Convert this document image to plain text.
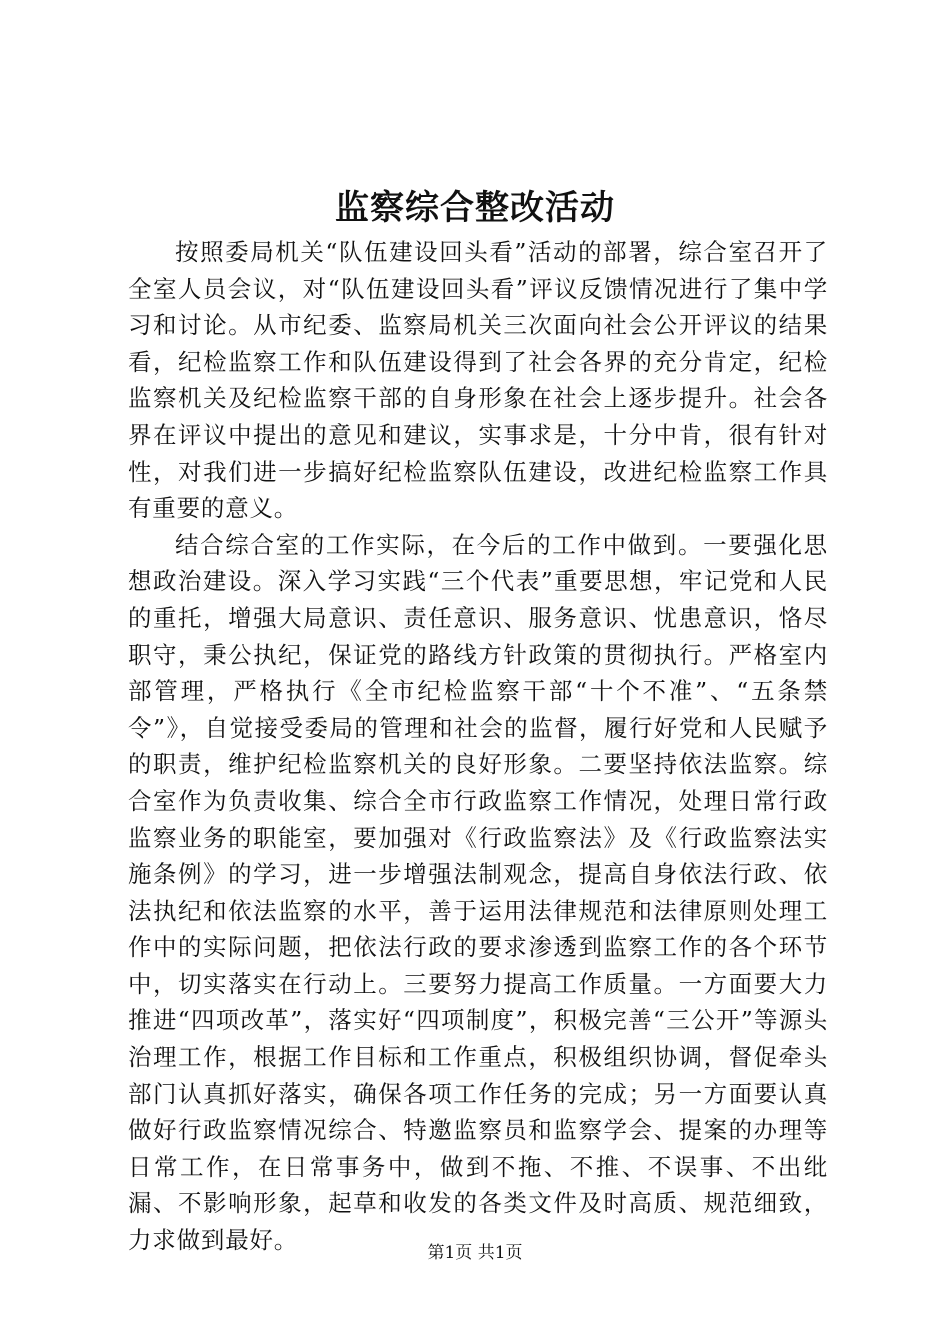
监察综合整改活动

按照委局机关“队伍建设回头看”活动的部署，综合室召开了全室人员会议，对“队伍建设回头看”评议反馈情况进行了集中学习和讨论。从市纪委、监察局机关三次面向社会公开评议的结果看，纪检监察工作和队伍建设得到了社会各界的充分肯定，纪检监察机关及纪检监察干部的自身形象在社会上逐步提升。社会各界在评议中提出的意见和建议，实事求是，十分中肯，很有针对性，对我们进一步搞好纪检监察队伍建设，改进纪检监察工作具有重要的意义。

结合综合室的工作实际，在今后的工作中做到。一要强化思想政治建设。深入学习实践“三个代表”重要思想，牢记党和人民的重托，增强大局意识、责任意识、服务意识、忧患意识，恪尽职守，秉公执纪，保证党的路线方针政策的贯彻执行。严格室内部管理，严格执行《全市纪检监察干部“十个不准”、“五条禁令”》，自觉接受委局的管理和社会的监督，履行好党和人民赋予的职责，维护纪检监察机关的良好形象。二要坚持依法监察。综合室作为负责收集、综合全市行政监察工作情况，处理日常行政监察业务的职能室，要加强对《行政监察法》及《行政监察法实施条例》的学习，进一步增强法制观念，提高自身依法行政、依法执纪和依法监察的水平，善于运用法律规范和法律原则处理工作中的实际问题，把依法行政的要求渗透到监察工作的各个环节中，切实落实在行动上。三要努力提高工作质量。一方面要大力推进“四项改革”，落实好“四项制度”，积极完善“三公开”等源头治理工作，根据工作目标和工作重点，积极组织协调，督促牵头部门认真抓好落实，确保各项工作任务的完成；另一方面要认真做好行政监察情况综合、特邀监察员和监察学会、提案的办理等日常工作，在日常事务中，做到不拖、不推、不误事、不出纰漏、不影响形象，起草和收发的各类文件及时高质、规范细致，力求做到最好。	第1页 共1页
